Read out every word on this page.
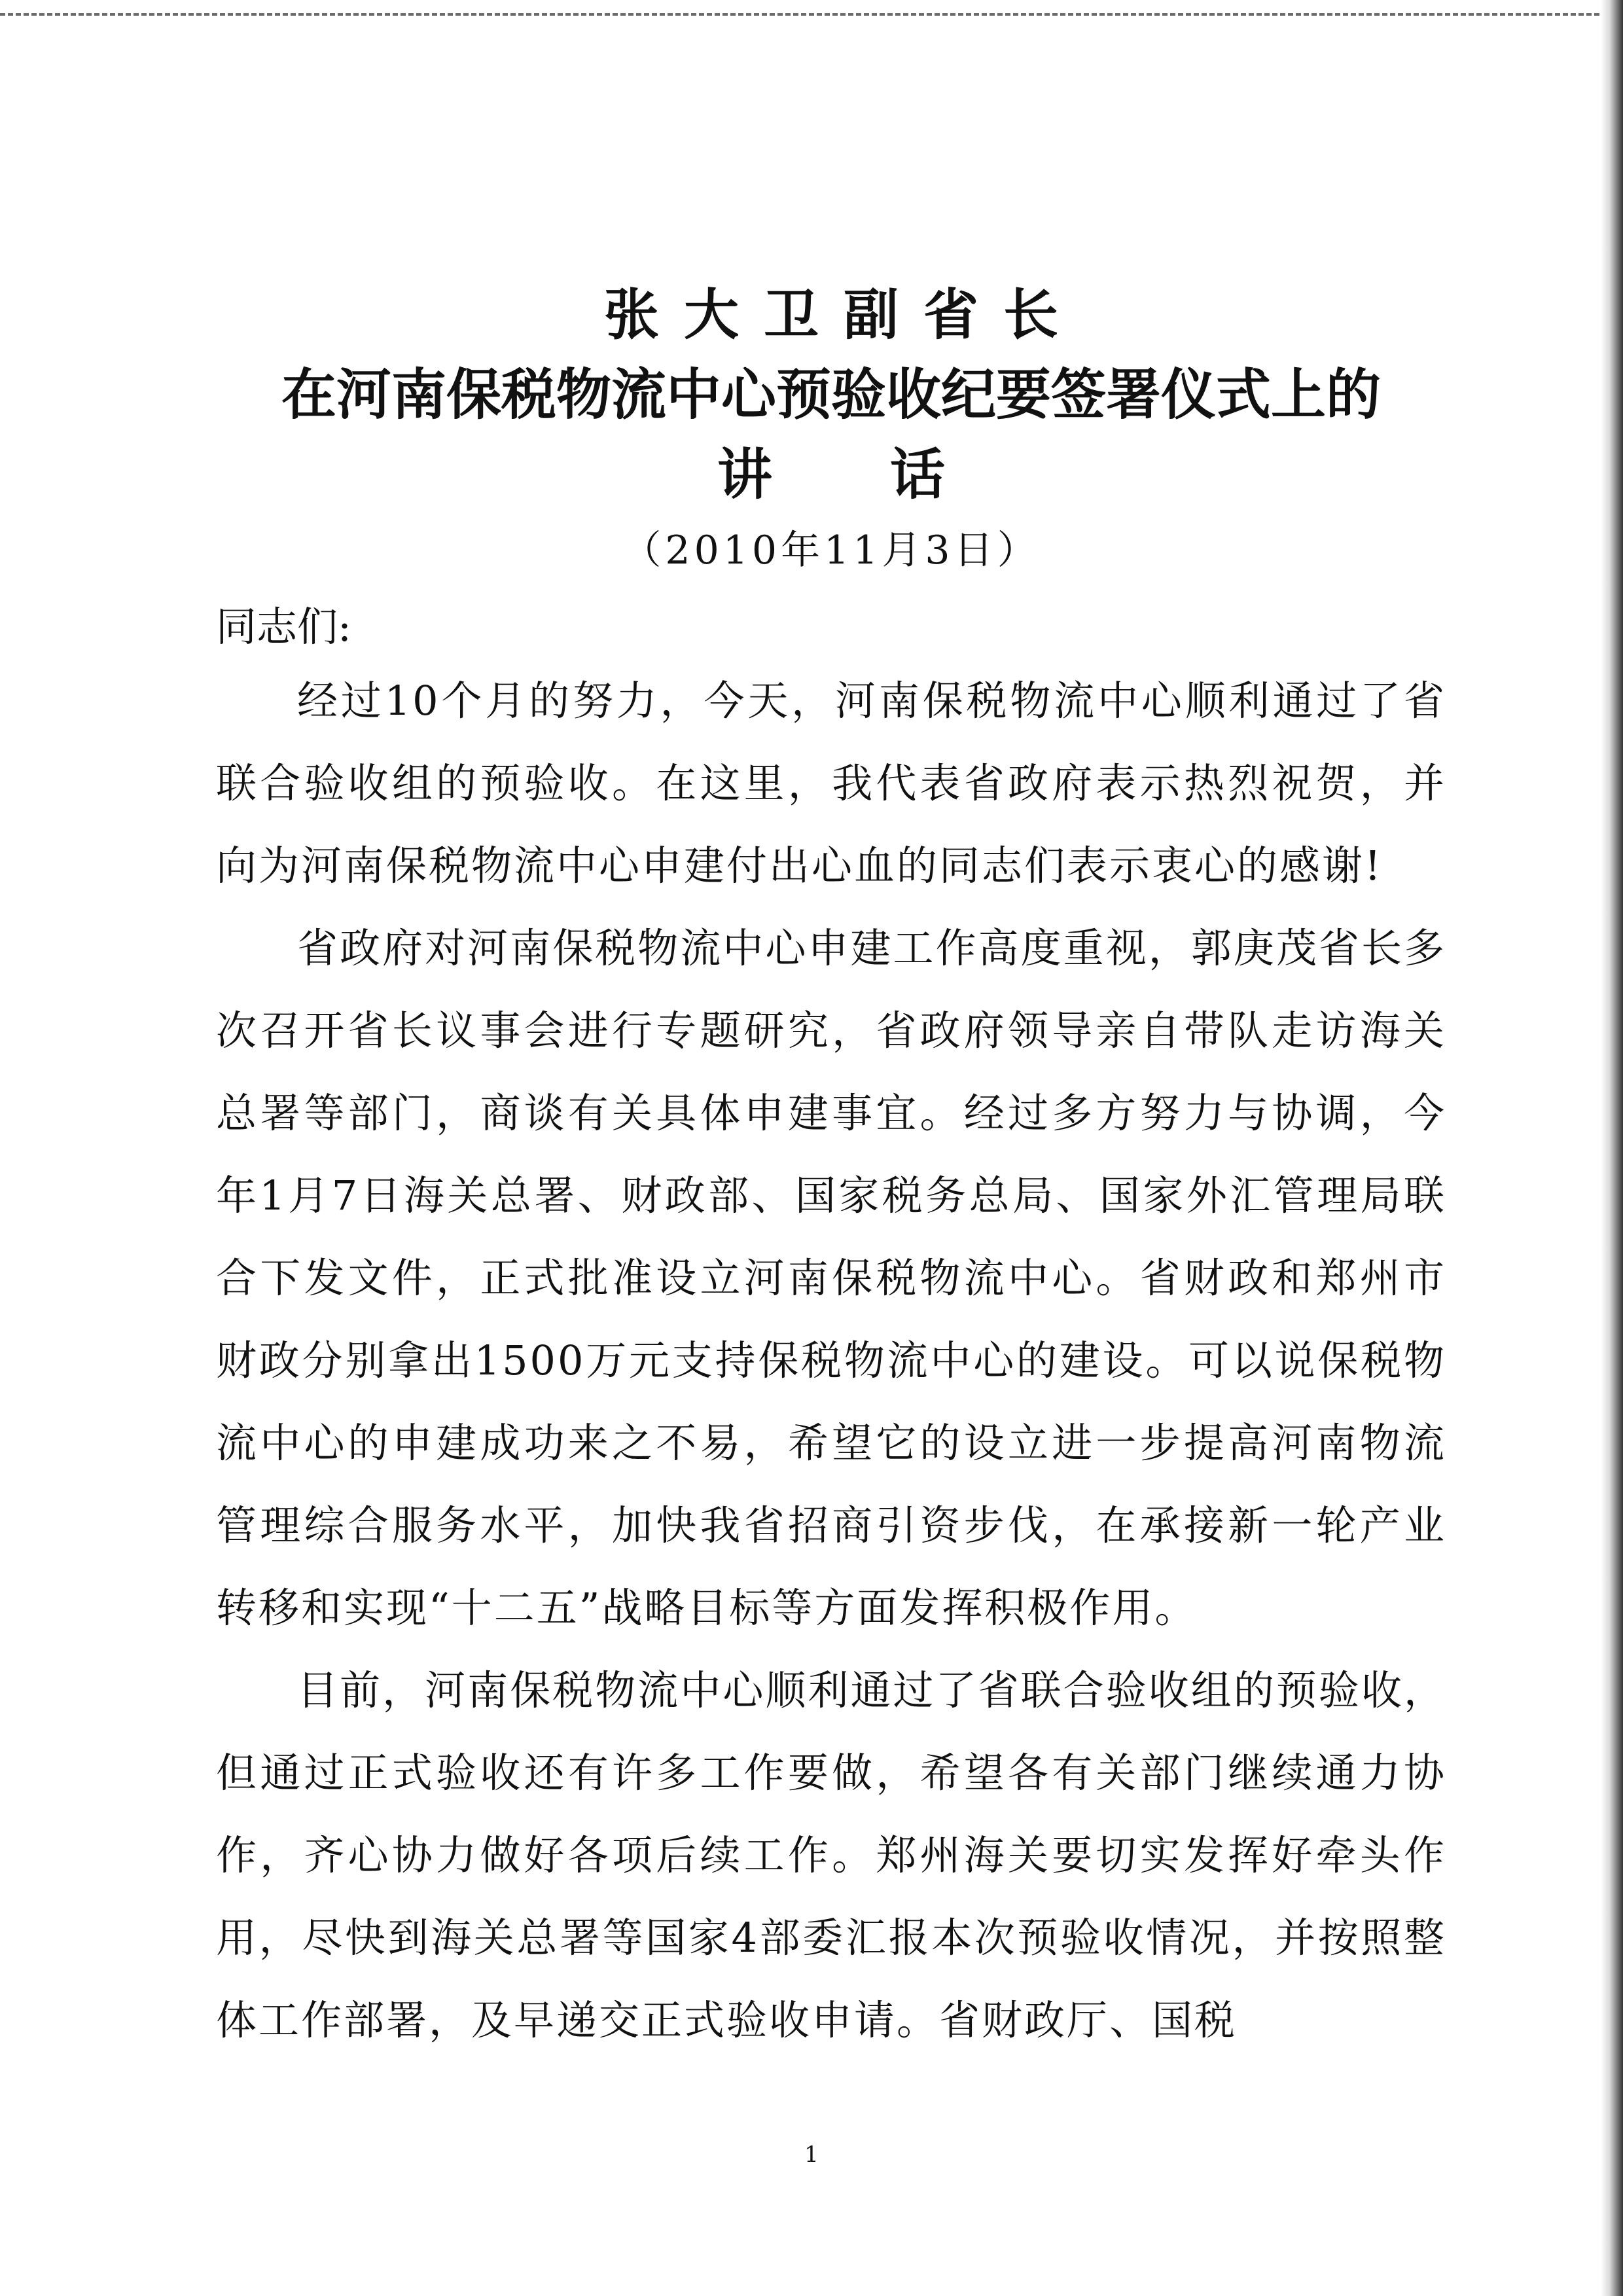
张大卫副省长
在河南保税物流中心预验收纪要签署仪式上的
讲话

（2010年11月3日）

同志们:

经过10个月的努力，今天，河南保税物流中心顺利通过了省联合验收组的预验收。在这里，我代表省政府表示热烈祝贺，并向为河南保税物流中心申建付出心血的同志们表示衷心的感谢!

省政府对河南保税物流中心申建工作高度重视，郭庚茂省长多次召开省长议事会进行专题研究，省政府领导亲自带队走访海关总署等部门，商谈有关具体申建事宜。经过多方努力与协调，今年1月7日海关总署、财政部、国家税务总局、国家外汇管理局联合下发文件，正式批准设立河南保税物流中心。省财政和郑州市财政分别拿出1500万元支持保税物流中心的建设。可以说保税物流中心的申建成功来之不易，希望它的设立进一步提高河南物流管理综合服务水平，加快我省招商引资步伐，在承接新一轮产业转移和实现“十二五”战略目标等方面发挥积极作用。

目前，河南保税物流中心顺利通过了省联合验收组的预验收，但通过正式验收还有许多工作要做，希望各有关部门继续通力协作，齐心协力做好各项后续工作。郑州海关要切实发挥好牵头作用，尽快到海关总署等国家4部委汇报本次预验收情况，并按照整体工作部署，及早递交正式验收申请。省财政厅、国税

1
